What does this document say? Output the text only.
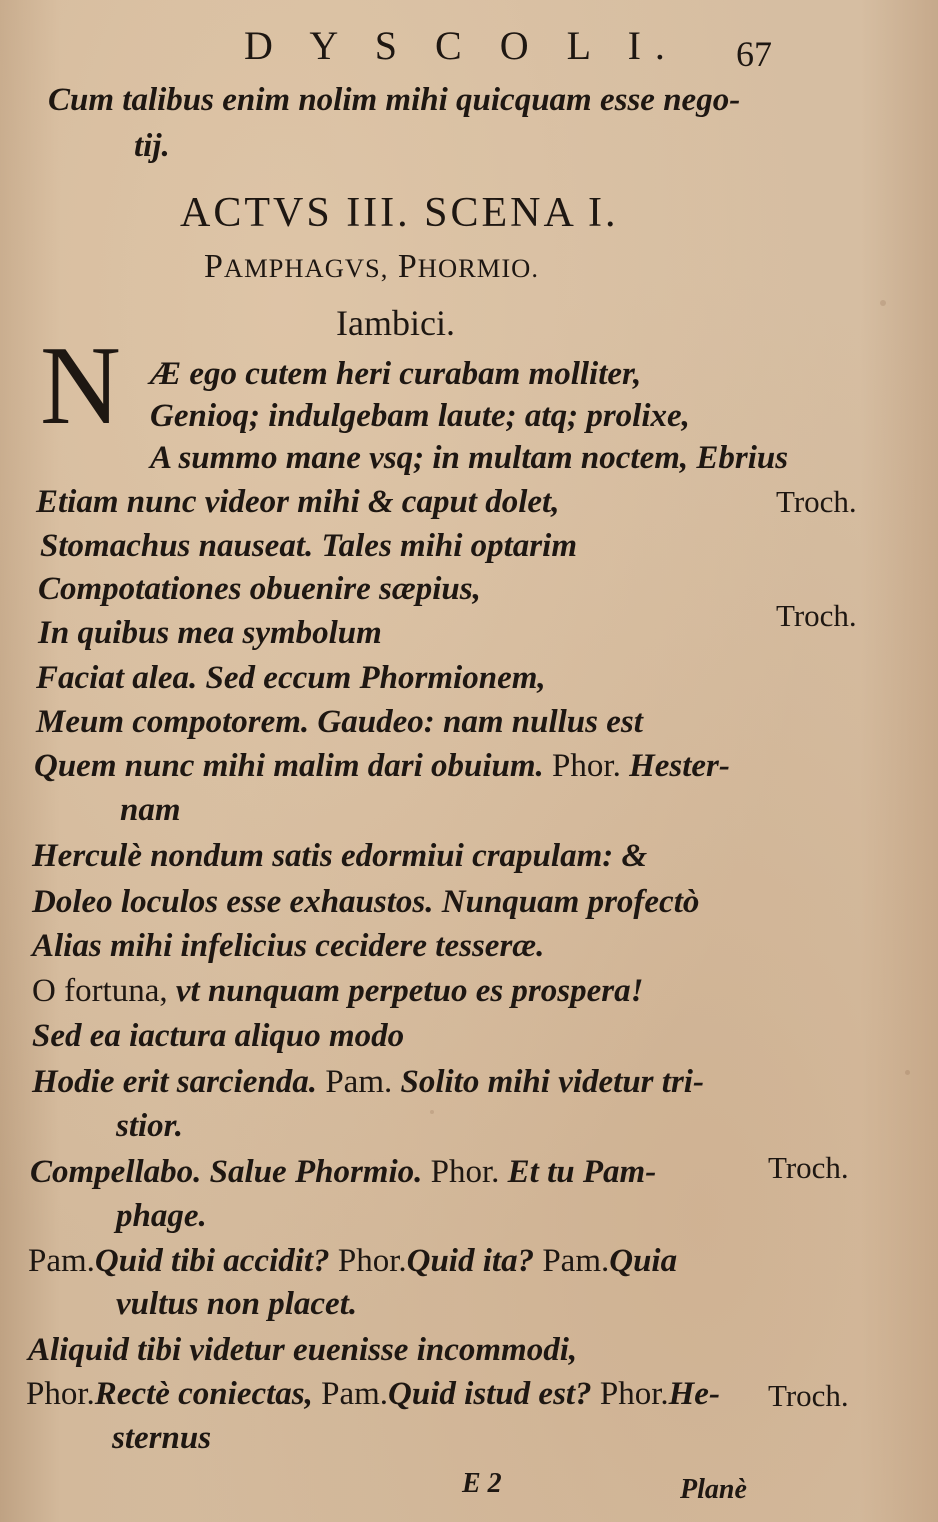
D Y S C O L I. 67
Cum talibus enim nolim mihi quicquam esse nego-
tij.
ACTVS III. SCENA I.
PAMPHAGVS, PHORMIO.
Iambici.
N Æ ego cutem heri curabam molliter,
Genioq; indulgebam laute; atq; prolixe,
A summo mane vsq; in multam noctem, Ebrius
Etiam nunc videor mihi & caput dolet,
Stomachus nauseat. Tales mihi optarim
Compotationes obuenire sæpius,
In quibus mea symbolum
Faciat alea. Sed eccum Phormionem,
Meum compotorem. Gaudeo: nam nullus est
Quem nunc mihi malim dari obuium. Phor. Hester-
nam
Herculè nondum satis edormiui crapulam: &
Doleo loculos esse exhaustos. Nunquam profectò
Alias mihi infelicius cecidere tesseræ.
O fortuna, vt nunquam perpetuo es prospera!
Sed ea iactura aliquo modo
Hodie erit sarcienda. Pam. Solito mihi videtur tri-
stior.
Compellabo. Salue Phormio. Phor. Et tu Pam-
phage.
Pam.Quid tibi accidit? Phor.Quid ita? Pam.Quia
vultus non placet.
Aliquid tibi videtur euenisse incommodi,
Phor.Rectè coniectas, Pam.Quid istud est? Phor.He-
sternus
Troch.
Troch.
Troch.
Troch.
E 2	Planè
